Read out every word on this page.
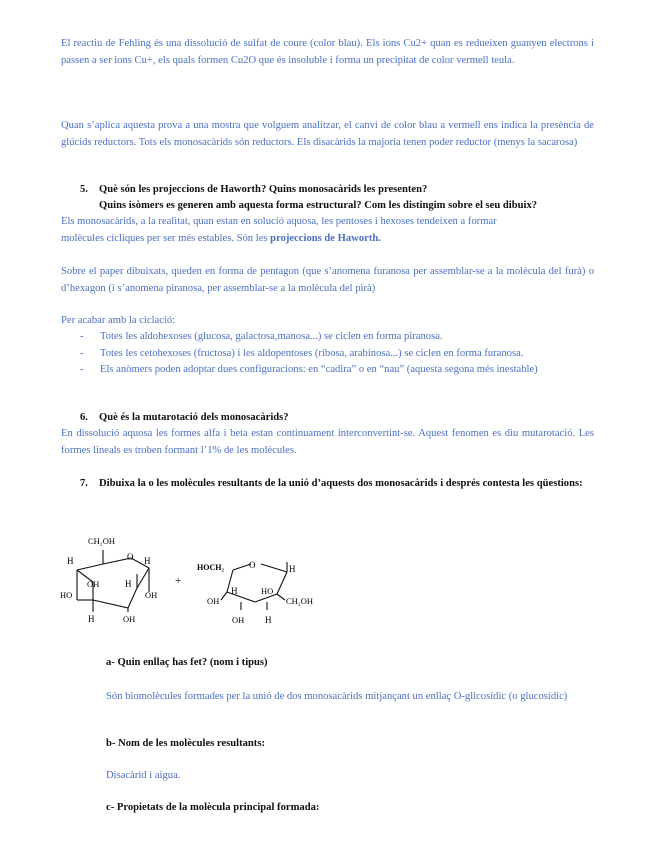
El reactiu de Fehling és una dissolució de sulfat de coure (color blau). Els ions Cu2+ quan es redueixen guanyen electrons i passen a ser ions Cu+, els quals formen Cu2O que és insoluble i forma un precipitat de color vermell teula.

Quan s’aplica aquesta prova a una mostra que volguem analitzar, el canvi de color blau a vermell ens indica la presència de glúcids reductors. Tots els monosacàrids són reductors. Els disacàrids la majoria tenen poder reductor (menys la sacarosa)

5. Què són les projeccions de Haworth? Quins monosacàrids les presenten?

Quins isòmers es generen amb aquesta forma estructural? Com les distingim sobre el seu dibuix?

Els monosacàrids, a la realitat, quan estan en solució aquosa, les pentoses i hexoses tendeixen a formar molècules cícliques per ser més estables. Són les projeccions de Haworth.

Sobre el paper dibuixats, queden en forma de pentagon (que s’anomena furanosa per assemblar-se a la molècula del furà) o d’hexagon (i s’anomena piranosa, per assemblar-se a la molècula del pirà)

Per acabar amb la ciclació:

- Totes les aldohexoses (glucosa, galactosa,manosa...) se ciclen en forma piranosa.
- Totes les cetohexoses (fructosa) i les aldopentoses (ribosa, arabinosa...) se ciclen en forma furanosa.
- Els anòmers poden adoptar dues configuracions: en “cadira” o en “nau” (aquesta segona més inestable)
6. Què és la mutarotació dels monosacàrids?

En dissolució aquosa les formes alfa i beta estan continuament interconvertint-se. Aquest fenomen es diu mutarotació. Les formes lineals es troben formant l’1% de les molècules.

7. Dibuixa la o les molècules resultants de la unió d’aquests dos monosacàrids i després contesta les qüestions:

CH₂OH
O
H	H
OH	H
OH
HO
H	OH
+
HOCH₂	O	H
OH
H	HO
CH₂OH
OH H
a- Quin enllaç has fet? (nom i tipus)

Són biomolècules formades per la unió de dos monosacàrids mitjançant un enllaç O-glicosídic (o glucosídic)

b- Nom de les molècules resultants:

Disacàrid i aigua.

c- Propietats de la molècula principal formada:
